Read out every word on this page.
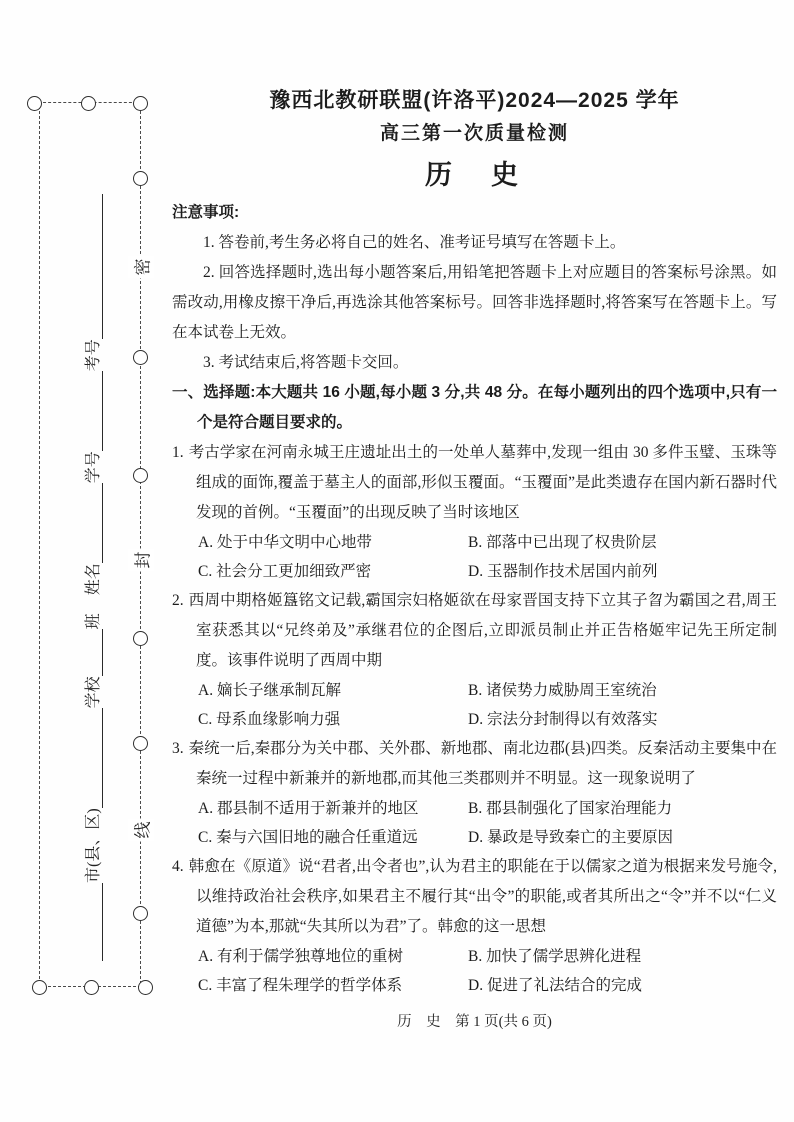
密
封
线
市(县、区)
学校
班
姓名
学号
考号
豫西北教研联盟(许洛平)2024—2025 学年
高三第一次质量检测
历　史
注意事项:

1. 答卷前,考生务必将自己的姓名、准考证号填写在答题卡上。

2. 回答选择题时,选出每小题答案后,用铅笔把答题卡上对应题目的答案标号涂黑。如需改动,用橡皮擦干净后,再选涂其他答案标号。回答非选择题时,将答案写在答题卡上。写在本试卷上无效。

3. 考试结束后,将答题卡交回。

一、选择题:本大题共 16 小题,每小题 3 分,共 48 分。在每小题列出的四个选项中,只有一个是符合题目要求的。

1. 考古学家在河南永城王庄遗址出土的一处单人墓葬中,发现一组由 30 多件玉璧、玉珠等组成的面饰,覆盖于墓主人的面部,形似玉覆面。“玉覆面”是此类遗存在国内新石器时代发现的首例。“玉覆面”的出现反映了当时该地区

A. 处于中华文明中心地带	B. 部落中已出现了权贵阶层
C. 社会分工更加细致严密	D. 玉器制作技术居国内前列

2. 西周中期格姬簋铭文记载,霸国宗妇格姬欲在母家晋国支持下立其子曶为霸国之君,周王室获悉其以“兄终弟及”承继君位的企图后,立即派员制止并正告格姬牢记先王所定制度。该事件说明了西周中期

A. 嫡长子继承制瓦解	B. 诸侯势力威胁周王室统治
C. 母系血缘影响力强	D. 宗法分封制得以有效落实

3. 秦统一后,秦郡分为关中郡、关外郡、新地郡、南北边郡(县)四类。反秦活动主要集中在秦统一过程中新兼并的新地郡,而其他三类郡则并不明显。这一现象说明了

A. 郡县制不适用于新兼并的地区	B. 郡县制强化了国家治理能力
C. 秦与六国旧地的融合任重道远	D. 暴政是导致秦亡的主要原因

4. 韩愈在《原道》说“君者,出令者也”,认为君主的职能在于以儒家之道为根据来发号施令,以维持政治社会秩序,如果君主不履行其“出令”的职能,或者其所出之“令”并不以“仁义道德”为本,那就“失其所以为君”了。韩愈的这一思想

A. 有利于儒学独尊地位的重树	B. 加快了儒学思辨化进程
C. 丰富了程朱理学的哲学体系	D. 促进了礼法结合的完成
历　史　第 1 页(共 6 页)
